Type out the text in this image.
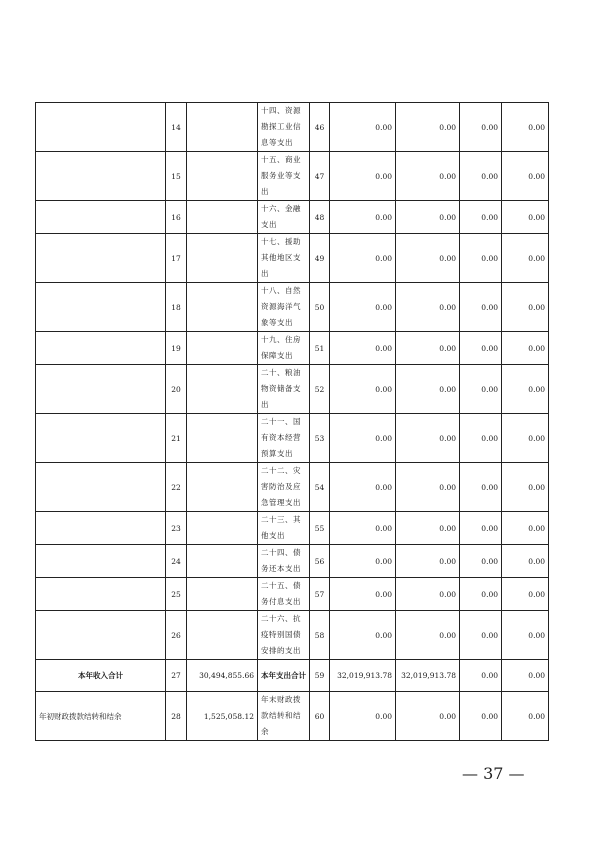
	14		十四、资源勘探工业信息等支出	46	0.00	0.00	0.00	0.00
	15		十五、商业服务业等支出	47	0.00	0.00	0.00	0.00
	16		十六、金融支出	48	0.00	0.00	0.00	0.00
	17		十七、援助其他地区支出	49	0.00	0.00	0.00	0.00
	18		十八、自然资源海洋气象等支出	50	0.00	0.00	0.00	0.00
	19		十九、住房保障支出	51	0.00	0.00	0.00	0.00
	20		二十、粮油物资储备支出	52	0.00	0.00	0.00	0.00
	21		二十一、国有资本经营预算支出	53	0.00	0.00	0.00	0.00
	22		二十二、灾害防治及应急管理支出	54	0.00	0.00	0.00	0.00
	23		二十三、其他支出	55	0.00	0.00	0.00	0.00
	24		二十四、债务还本支出	56	0.00	0.00	0.00	0.00
	25		二十五、债务付息支出	57	0.00	0.00	0.00	0.00
	26		二十六、抗疫特别国债安排的支出	58	0.00	0.00	0.00	0.00
本年收入合计	27	30,494,855.66	本年支出合计	59	32,019,913.78	32,019,913.78	0.00	0.00
年初财政拨款结转和结余	28	1,525,058.12	年末财政拨款结转和结余	60	0.00	0.00	0.00	0.00
— 37 —
